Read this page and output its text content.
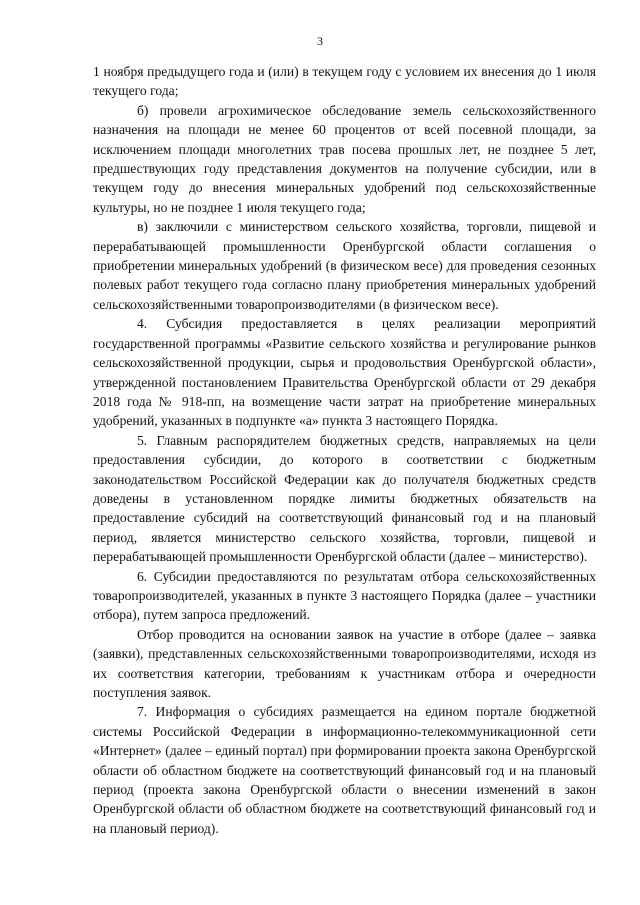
3

1 ноября предыдущего года и (или) в текущем году с условием их внесения до 1 июля текущего года;

б) провели агрохимическое обследование земель сельскохозяйственного назначения на площади не менее 60 процентов от всей посевной площади, за исключением площади многолетних трав посева прошлых лет, не позднее 5 лет, предшествующих году представления документов на получение субсидии, или в текущем году до внесения минеральных удобрений под сельскохозяйственные культуры, но не позднее 1 июля текущего года;

в) заключили с министерством сельского хозяйства, торговли, пищевой и перерабатывающей промышленности Оренбургской области соглашения о приобретении минеральных удобрений (в физическом весе) для проведения сезонных полевых работ текущего года согласно плану приобретения минеральных удобрений сельскохозяйственными товаропроизводителями (в физическом весе).

4. Субсидия предоставляется в целях реализации мероприятий государственной программы «Развитие сельского хозяйства и регулирование рынков сельскохозяйственной продукции, сырья и продовольствия Оренбургской области», утвержденной постановлением Правительства Оренбургской области от 29 декабря 2018 года № 918-пп, на возмещение части затрат на приобретение минеральных удобрений, указанных в подпункте «а» пункта 3 настоящего Порядка.

5. Главным распорядителем бюджетных средств, направляемых на цели предоставления субсидии, до которого в соответствии с бюджетным законодательством Российской Федерации как до получателя бюджетных средств доведены в установленном порядке лимиты бюджетных обязательств на предоставление субсидий на соответствующий финансовый год и на плановый период, является министерство сельского хозяйства, торговли, пищевой и перерабатывающей промышленности Оренбургской области (далее – министерство).

6. Субсидии предоставляются по результатам отбора сельскохозяйственных товаропроизводителей, указанных в пункте 3 настоящего Порядка (далее – участники отбора), путем запроса предложений.

Отбор проводится на основании заявок на участие в отборе (далее – заявка (заявки), представленных сельскохозяйственными товаропроизводителями, исходя из их соответствия категории, требованиям к участникам отбора и очередности поступления заявок.

7. Информация о субсидиях размещается на едином портале бюджетной системы Российской Федерации в информационно-телекоммуникационной сети «Интернет» (далее – единый портал) при формировании проекта закона Оренбургской области об областном бюджете на соответствующий финансовый год и на плановый период (проекта закона Оренбургской области о внесении изменений в закон Оренбургской области об областном бюджете на соответствующий финансовый год и на плановый период).
